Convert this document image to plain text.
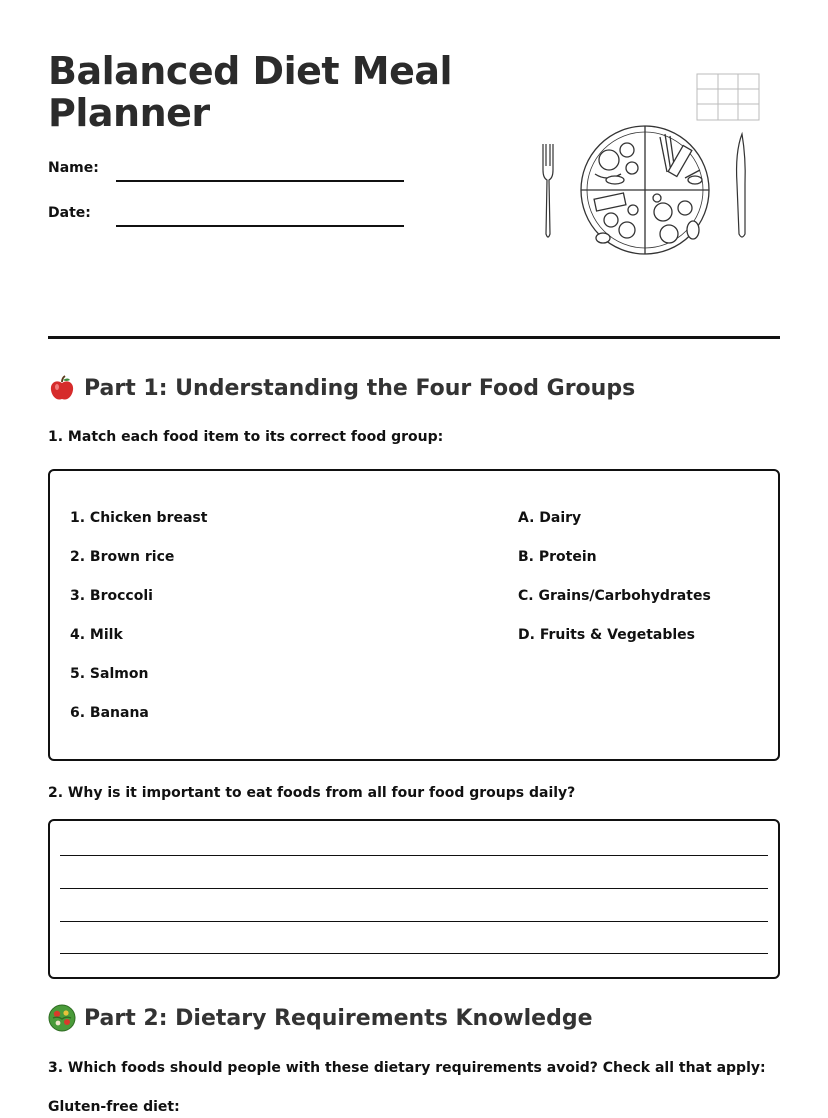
Balanced Diet Meal Planner
Name:
Date:
Part 1: Understanding the Four Food Groups
1. Match each food item to its correct food group:
1. Chicken breast
2. Brown rice
3. Broccoli
4. Milk
5. Salmon
6. Banana
A. Dairy
B. Protein
C. Grains/Carbohydrates
D. Fruits & Vegetables
2. Why is it important to eat foods from all four food groups daily?
Part 2: Dietary Requirements Knowledge
3. Which foods should people with these dietary requirements avoid? Check all that apply:
Gluten-free diet:
